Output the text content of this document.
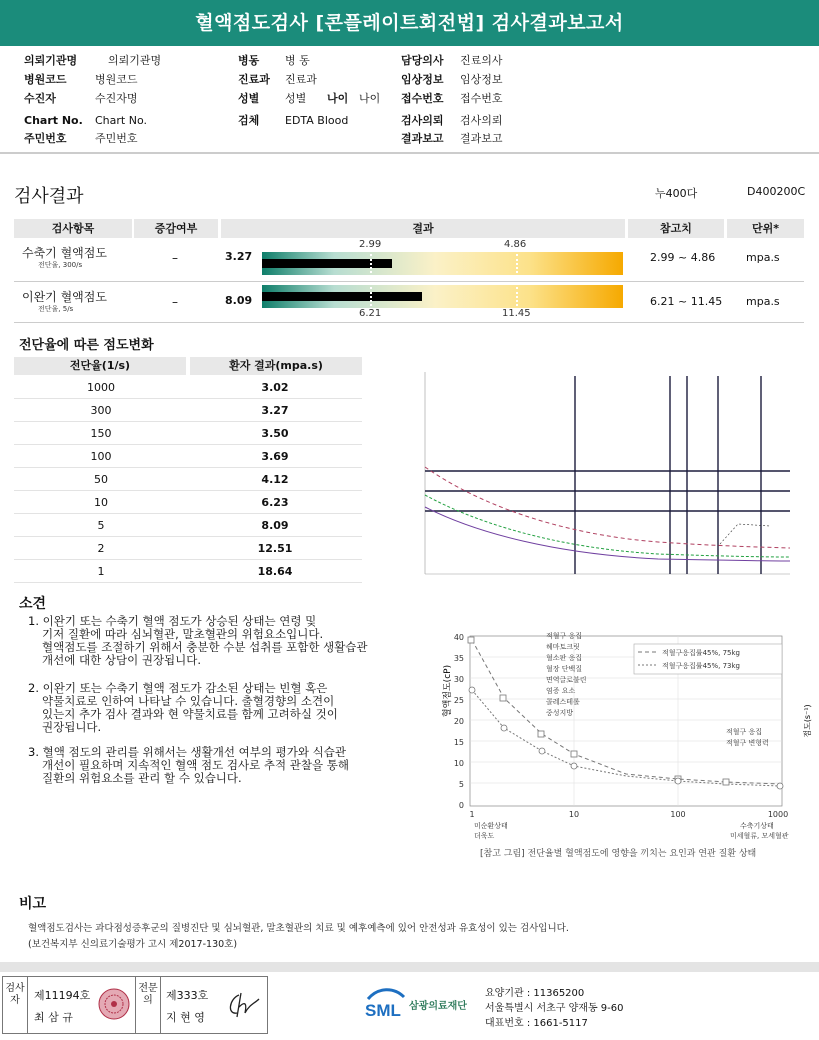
혈액점도검사 [콘플레이트회전법] 검사결과보고서
의뢰기관명	의뢰기관명
병원코드	병원코드
수진자	수진자명
Chart No. Chart No.
주민번호	주민번호
병동 병 동
진료과 진료과
성별 성별 나이 나이
검체 EDTA Blood
담당의사 진료의사
임상정보 임상정보
접수번호 접수번호
검사의뢰 검사의뢰
결과보고 결과보고
검사결과	누400다	D400200C
검사항목	증감여부	결과	참고치	단위*
수축기 혈액점도
전단율, 300/s	–	3.27	2.99 ~ 4.86	mpa.s
2.99	4.86
이완기 혈액점도
전단율, 5/s	–	8.09	6.21 ~ 11.45 mpa.s
6.21	11.45
전단율에 따른 점도변화
전단율(1/s)	환자 결과(mpa.s)
1000	3.02
300	3.27
150	3.50
100	3.69
50	4.12
10	6.23
5	8.09
2	12.51
1	18.64
소견
1. 이완기 또는 수축기 혈액 점도가 상승된 상태는 연령 및
기저 질환에 따라 심뇌혈관, 말초혈관의 위험요소입니다.
혈액점도를 조절하기 위해서 충분한 수분 섭취를 포함한 생활습관
개선에 대한 상담이 권장됩니다.
2. 이완기 또는 수축기 혈액 점도가 감소된 상태는 빈혈 혹은
약물치료로 인하여 나타날 수 있습니다. 출혈경향의 소견이
있는지 추가 검사 결과와 현 약물치료를 함께 고려하실 것이
권장됩니다.
3. 혈액 점도의 관리를 위해서는 생활개선 여부의 평가와 식습관
개선이 필요하며 지속적인 혈액 점도 검사로 추적 관찰을 통해
질환의 위험요소를 관리 할 수 있습니다.
혈액점도(cP)
40
35
30
25
20
15
10
5
0
1	10	100	1000
적혈구 응집
헤마토크릿
혈소판 응집
혈장 단백질
면역글로불린
염증 요소
콜레스테롤
중성지방
적혈구응집률45%, 75kg
적혈구응집률45%, 73kg
적혈구 응집
적혈구 변형력
점도(s⁻¹)
미순환상태
더욱도
수축기상태
미세혈류, 모세혈관
[참고 그림] 전단율별 혈액점도에 영향을 끼치는 요인과 연관 질환 상태
비고
혈액점도검사는 과다점성증후군의 질병진단 및 심뇌혈관, 말초혈관의 치료 및 예후예측에 있어 안전성과 유효성이 있는 검사입니다.
(보건복지부 신의료기술평가 고시 제2017-130호)
검사자	제11194호
최 삼 규
전문의	제333호
지 현 영	SML 삼광의료재단
요양기관 : 11365200
서울특별시 서초구 양재동 9-60
대표번호 : 1661-5117
